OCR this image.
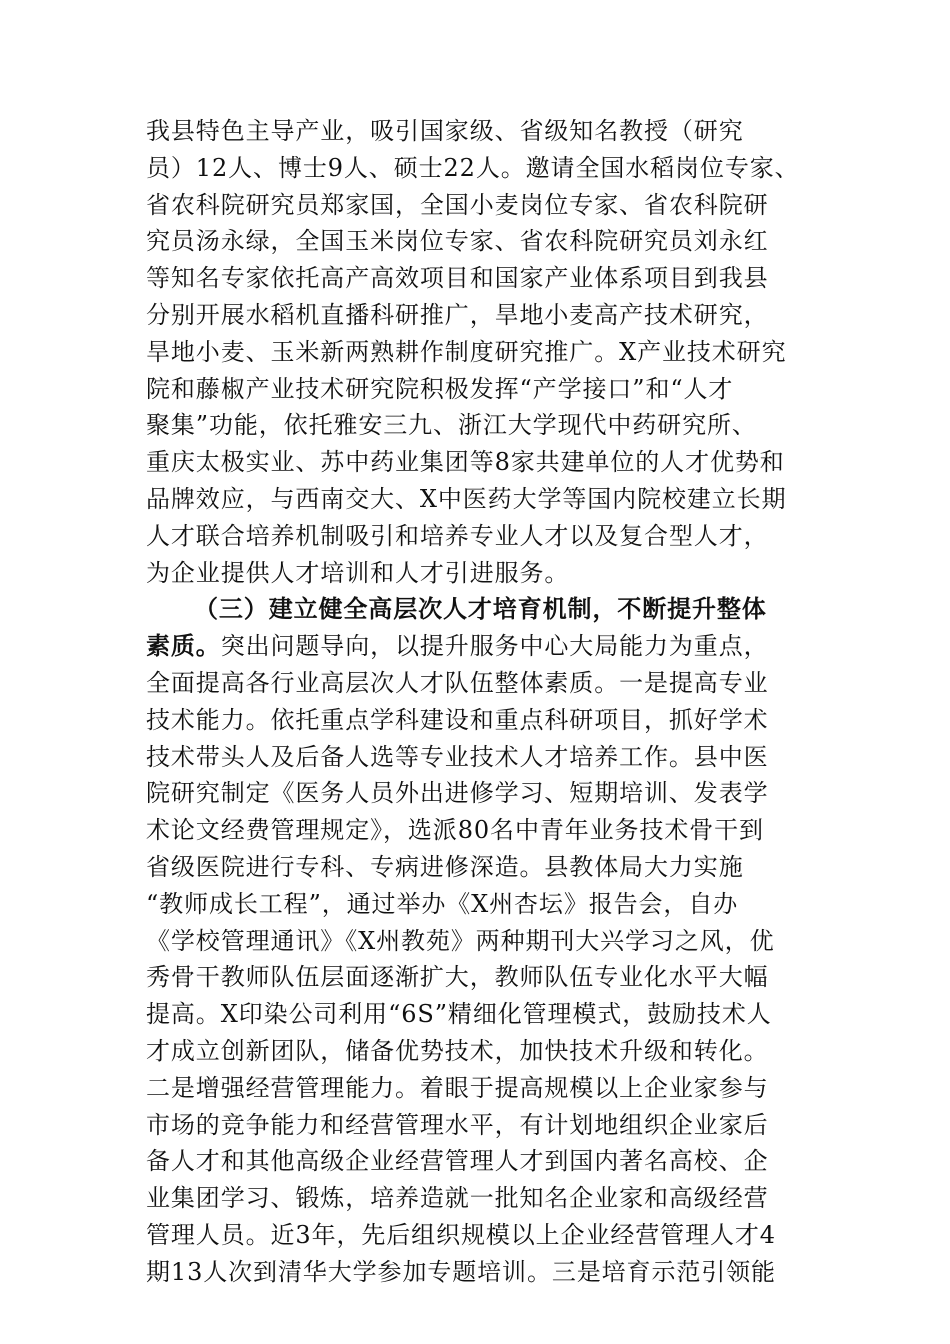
我县特色主导产业，吸引国家级、省级知名教授（研究
员）12人、博士9人、硕士22人。邀请全国水稻岗位专家、
省农科院研究员郑家国，全国小麦岗位专家、省农科院研
究员汤永绿，全国玉米岗位专家、省农科院研究员刘永红
等知名专家依托高产高效项目和国家产业体系项目到我县
分别开展水稻机直播科研推广，旱地小麦高产技术研究，
旱地小麦、玉米新两熟耕作制度研究推广。X产业技术研究
院和藤椒产业技术研究院积极发挥“产学接口”和“人才
聚集”功能，依托雅安三九、浙江大学现代中药研究所、
重庆太极实业、苏中药业集团等8家共建单位的人才优势和
品牌效应，与西南交大、X中医药大学等国内院校建立长期
人才联合培养机制吸引和培养专业人才以及复合型人才，
为企业提供人才培训和人才引进服务。
（三）建立健全高层次人才培育机制，不断提升整体
素质。突出问题导向，以提升服务中心大局能力为重点，
全面提高各行业高层次人才队伍整体素质。一是提高专业
技术能力。依托重点学科建设和重点科研项目，抓好学术
技术带头人及后备人选等专业技术人才培养工作。县中医
院研究制定《医务人员外出进修学习、短期培训、发表学
术论文经费管理规定》，选派80名中青年业务技术骨干到
省级医院进行专科、专病进修深造。县教体局大力实施
“教师成长工程”，通过举办《X州杏坛》报告会，自办
《学校管理通讯》《X州教苑》两种期刊大兴学习之风，优
秀骨干教师队伍层面逐渐扩大，教师队伍专业化水平大幅
提高。X印染公司利用“6S”精细化管理模式，鼓励技术人
才成立创新团队，储备优势技术，加快技术升级和转化。
二是增强经营管理能力。着眼于提高规模以上企业家参与
市场的竞争能力和经营管理水平，有计划地组织企业家后
备人才和其他高级企业经营管理人才到国内著名高校、企
业集团学习、锻炼，培养造就一批知名企业家和高级经营
管理人员。近3年，先后组织规模以上企业经营管理人才4
期13人次到清华大学参加专题培训。三是培育示范引领能
